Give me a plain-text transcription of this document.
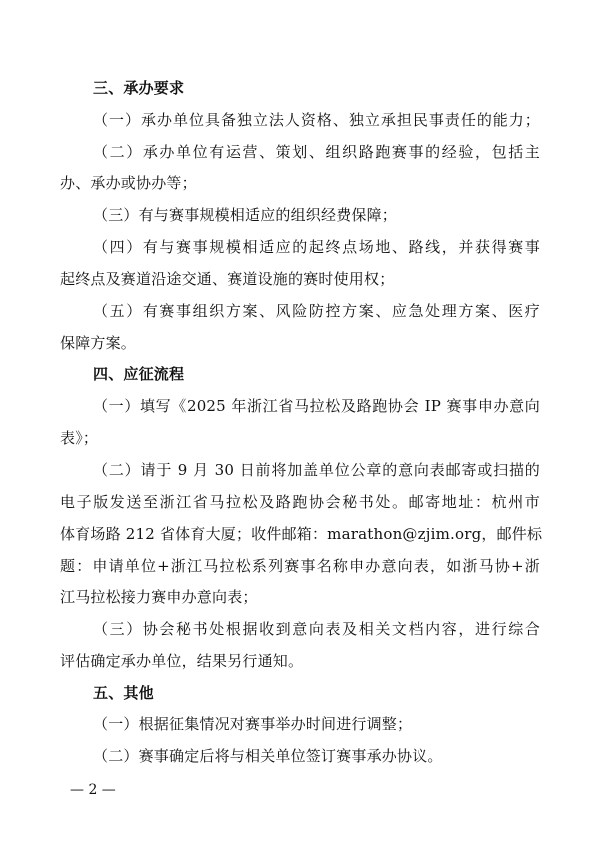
三、承办要求
（一）承办单位具备独立法人资格、独立承担民事责任的能力；
（二）承办单位有运营、策划、组织路跑赛事的经验，包括主
办、承办或协办等；
（三）有与赛事规模相适应的组织经费保障；
（四）有与赛事规模相适应的起终点场地、路线，并获得赛事
起终点及赛道沿途交通、赛道设施的赛时使用权；
（五）有赛事组织方案、风险防控方案、应急处理方案、医疗
保障方案。
四、应征流程
（一）填写《2025 年浙江省马拉松及路跑协会 IP 赛事申办意向
表》；
（二）请于 9 月 30 日前将加盖单位公章的意向表邮寄或扫描的
电子版发送至浙江省马拉松及路跑协会秘书处。邮寄地址：杭州市
体育场路 212 省体育大厦；收件邮箱：marathon@zjim.org，邮件标
题：申请单位+浙江马拉松系列赛事名称申办意向表，如浙马协+浙
江马拉松接力赛申办意向表；
（三）协会秘书处根据收到意向表及相关文档内容，进行综合
评估确定承办单位，结果另行通知。
五、其他
（一）根据征集情况对赛事举办时间进行调整；
（二）赛事确定后将与相关单位签订赛事承办协议。
— 2 —
